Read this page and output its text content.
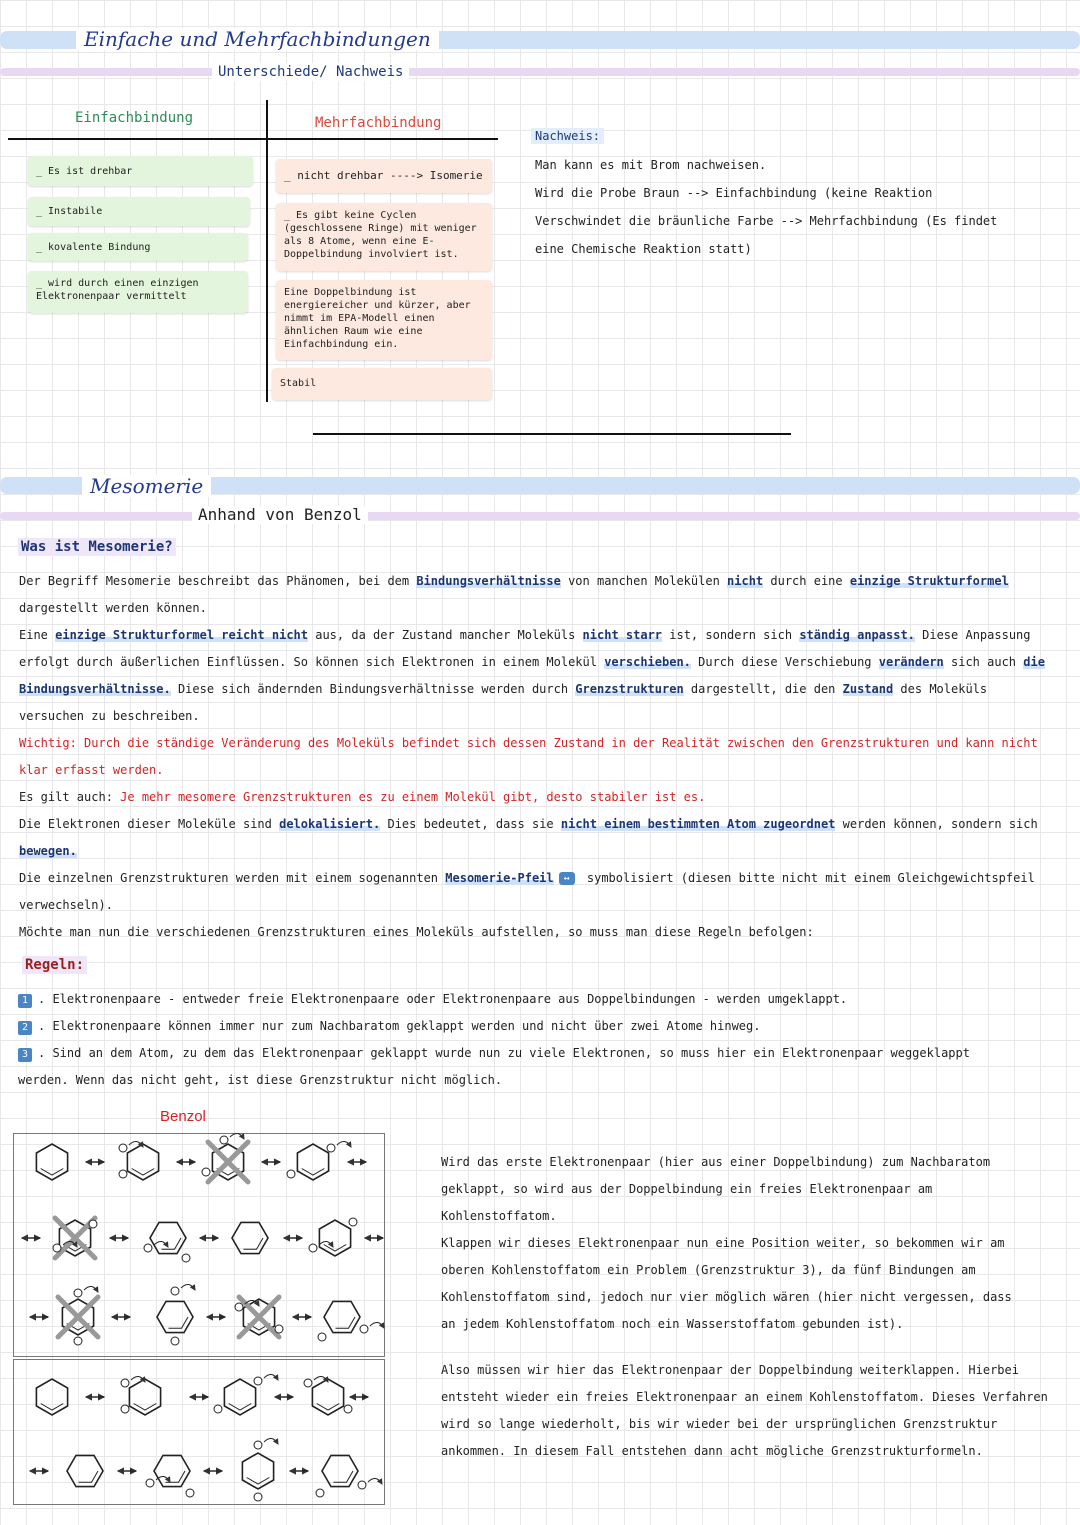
Einfache und Mehrfachbindungen
Unterschiede/ Nachweis
Einfachbindung	Mehrfachbindung
_ Es ist drehbar
_ Instabile
_ kovalente Bindung
_ wird durch einen einzigen Elektronenpaar vermittelt
_ nicht drehbar ----> Isomerie
_ Es gibt keine Cyclen (geschlossene Ringe) mit weniger als 8 Atome, wenn eine E-Doppelbindung involviert ist.
Eine Doppelbindung ist energiereicher und kürzer, aber nimmt im EPA-Modell einen ähnlichen Raum wie eine Einfachbindung ein.
Stabil
Nachweis:
Man kann es mit Brom nachweisen.
Wird die Probe Braun --> Einfachbindung (keine Reaktion
Verschwindet die bräunliche Farbe --> Mehrfachbindung (Es findet
eine Chemische Reaktion statt)
Mesomerie
Anhand von Benzol
Was ist Mesomerie?
Der Begriff Mesomerie beschreibt das Phänomen, bei dem Bindungsverhältnisse von manchen Molekülen nicht durch eine einzige Strukturformel
dargestellt werden können.
Eine einzige Strukturformel reicht nicht aus, da der Zustand mancher Moleküls nicht starr ist, sondern sich ständig anpasst. Diese Anpassung
erfolgt durch äußerlichen Einflüssen. So können sich Elektronen in einem Molekül verschieben. Durch diese Verschiebung verändern sich auch die
Bindungsverhältnisse. Diese sich ändernden Bindungsverhältnisse werden durch Grenzstrukturen dargestellt, die den Zustand des Moleküls
versuchen zu beschreiben.
Wichtig: Durch die ständige Veränderung des Moleküls befindet sich dessen Zustand in der Realität zwischen den Grenzstrukturen und kann nicht
klar erfasst werden.
Es gilt auch: Je mehr mesomere Grenzstrukturen es zu einem Molekül gibt, desto stabiler ist es.
Die Elektronen dieser Moleküle sind delokalisiert. Dies bedeutet, dass sie nicht einem bestimmten Atom zugeordnet werden können, sondern sich
bewegen.
Die einzelnen Grenzstrukturen werden mit einem sogenannten Mesomerie-Pfeil ↔ symbolisiert (diesen bitte nicht mit einem Gleichgewichtspfeil
verwechseln).
Möchte man nun die verschiedenen Grenzstrukturen eines Moleküls aufstellen, so muss man diese Regeln befolgen:
Regeln:
1 . Elektronenpaare - entweder freie Elektronenpaare oder Elektronenpaare aus Doppelbindungen - werden umgeklappt.
2 . Elektronenpaare können immer nur zum Nachbaratom geklappt werden und nicht über zwei Atome hinweg.
3 . Sind an dem Atom, zu dem das Elektronenpaar geklappt wurde nun zu viele Elektronen, so muss hier ein Elektronenpaar weggeklappt
werden. Wenn das nicht geht, ist diese Grenzstruktur nicht möglich.
Benzol
Wird das erste Elektronenpaar (hier aus einer Doppelbindung) zum Nachbaratom
geklappt, so wird aus der Doppelbindung ein freies Elektronenpaar am
Kohlenstoffatom.
Klappen wir dieses Elektronenpaar nun eine Position weiter, so bekommen wir am
oberen Kohlenstoffatom ein Problem (Grenzstruktur 3), da fünf Bindungen am
Kohlenstoffatom sind, jedoch nur vier möglich wären (hier nicht vergessen, dass
an jedem Kohlenstoffatom noch ein Wasserstoffatom gebunden ist).
Also müssen wir hier das Elektronenpaar der Doppelbindung weiterklappen. Hierbei
entsteht wieder ein freies Elektronenpaar an einem Kohlenstoffatom. Dieses Verfahren
wird so lange wiederholt, bis wir wieder bei der ursprünglichen Grenzstruktur
ankommen. In diesem Fall entstehen dann acht mögliche Grenzstrukturformeln.
